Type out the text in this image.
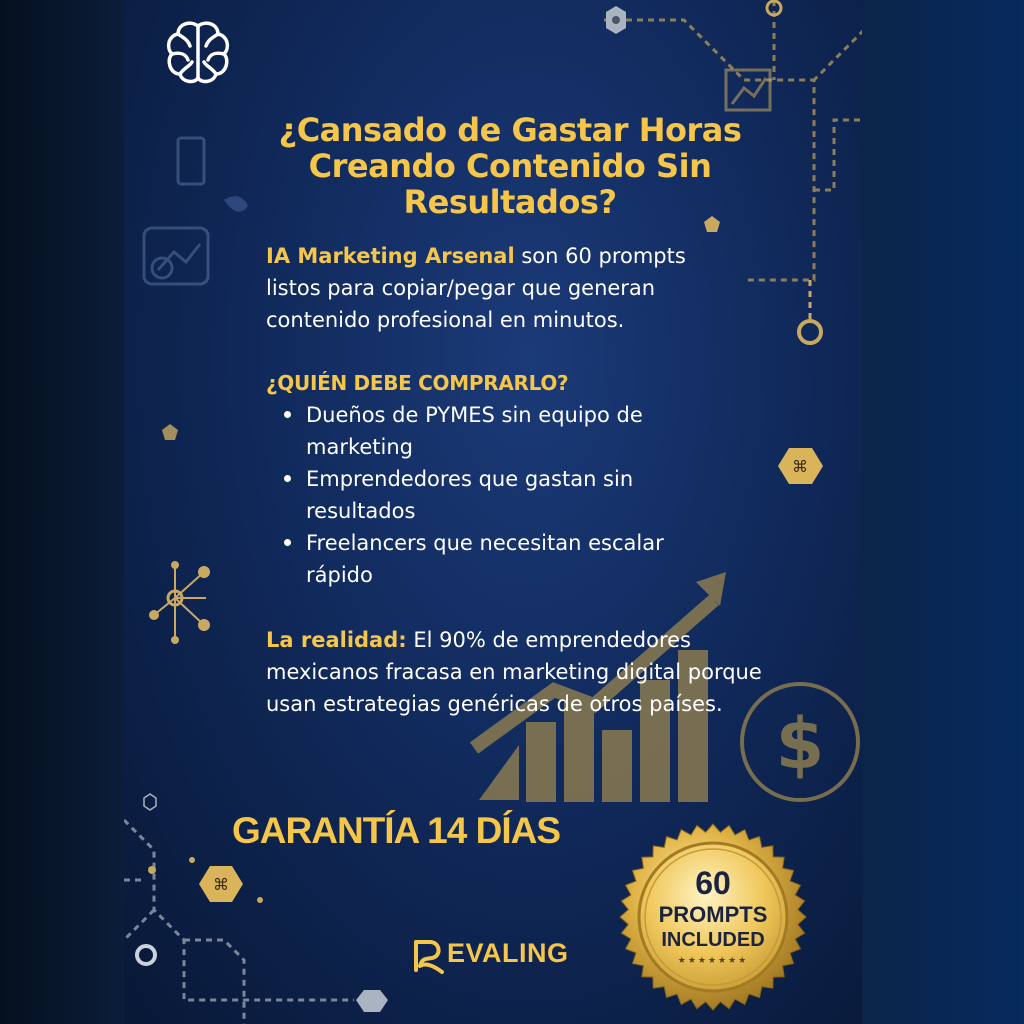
⌘
$
⌘
¿Cansado de Gastar Horas Creando Contenido Sin Resultados?

IA Marketing Arsenal son 60 prompts listos para copiar/pegar que generan contenido profesional en minutos.

¿QUIÉN DEBE COMPRARLO?

Dueños de PYMES sin equipo de marketing
Emprendedores que gastan sin resultados
Freelancers que necesitan escalar rápido

La realidad: El 90% de emprendedores mexicanos fracasa en marketing digital porque usan estrategias genéricas de otros países.

GARANTÍA 14 DÍAS

EVALING

60
PROMPTS
INCLUDED
★★★★★★★
